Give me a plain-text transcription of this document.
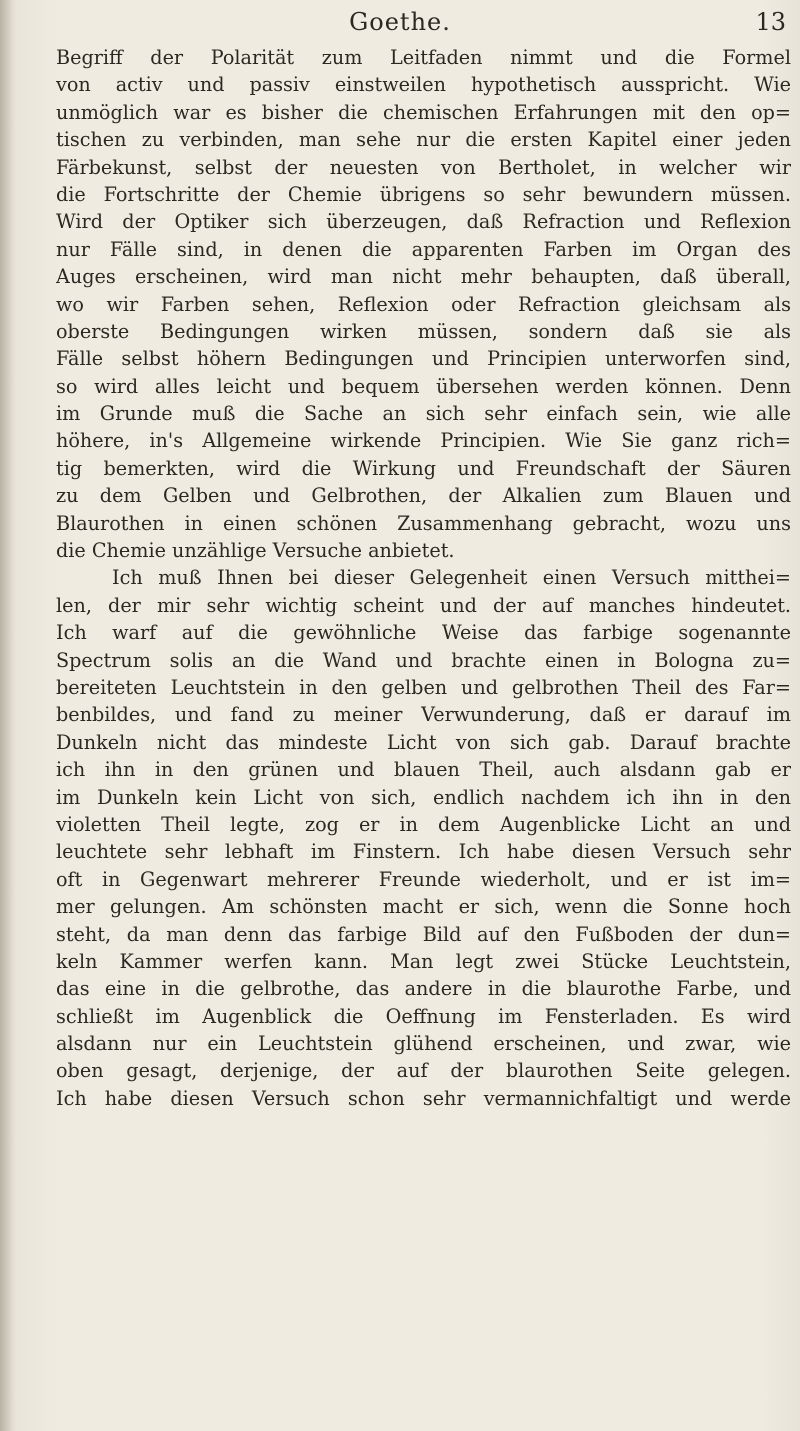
Goethe.	13
Begriff der Polarität zum Leitfaden nimmt und die Formel
von activ und passiv einstweilen hypothetisch ausspricht. Wie
unmöglich war es bisher die chemischen Erfahrungen mit den op=
tischen zu verbinden, man sehe nur die ersten Kapitel einer jeden
Färbekunst, selbst der neuesten von Bertholet, in welcher wir
die Fortschritte der Chemie übrigens so sehr bewundern müssen.
Wird der Optiker sich überzeugen, daß Refraction und Reflexion
nur Fälle sind, in denen die apparenten Farben im Organ des
Auges erscheinen, wird man nicht mehr behaupten, daß überall,
wo wir Farben sehen, Reflexion oder Refraction gleichsam als
oberste Bedingungen wirken müssen, sondern daß sie als
Fälle selbst höhern Bedingungen und Principien unterworfen sind,
so wird alles leicht und bequem übersehen werden können. Denn
im Grunde muß die Sache an sich sehr einfach sein, wie alle
höhere, in's Allgemeine wirkende Principien. Wie Sie ganz rich=
tig bemerkten, wird die Wirkung und Freundschaft der Säuren
zu dem Gelben und Gelbrothen, der Alkalien zum Blauen und
Blaurothen in einen schönen Zusammenhang gebracht, wozu uns
die Chemie unzählige Versuche anbietet.
Ich muß Ihnen bei dieser Gelegenheit einen Versuch mitthei=
len, der mir sehr wichtig scheint und der auf manches hindeutet.
Ich warf auf die gewöhnliche Weise das farbige sogenannte
Spectrum solis an die Wand und brachte einen in Bologna zu=
bereiteten Leuchtstein in den gelben und gelbrothen Theil des Far=
benbildes, und fand zu meiner Verwunderung, daß er darauf im
Dunkeln nicht das mindeste Licht von sich gab. Darauf brachte
ich ihn in den grünen und blauen Theil, auch alsdann gab er
im Dunkeln kein Licht von sich, endlich nachdem ich ihn in den
violetten Theil legte, zog er in dem Augenblicke Licht an und
leuchtete sehr lebhaft im Finstern. Ich habe diesen Versuch sehr
oft in Gegenwart mehrerer Freunde wiederholt, und er ist im=
mer gelungen. Am schönsten macht er sich, wenn die Sonne hoch
steht, da man denn das farbige Bild auf den Fußboden der dun=
keln Kammer werfen kann. Man legt zwei Stücke Leuchtstein,
das eine in die gelbrothe, das andere in die blaurothe Farbe, und
schließt im Augenblick die Oeffnung im Fensterladen. Es wird
alsdann nur ein Leuchtstein glühend erscheinen, und zwar, wie
oben gesagt, derjenige, der auf der blaurothen Seite gelegen.
Ich habe diesen Versuch schon sehr vermannichfaltigt und werde
